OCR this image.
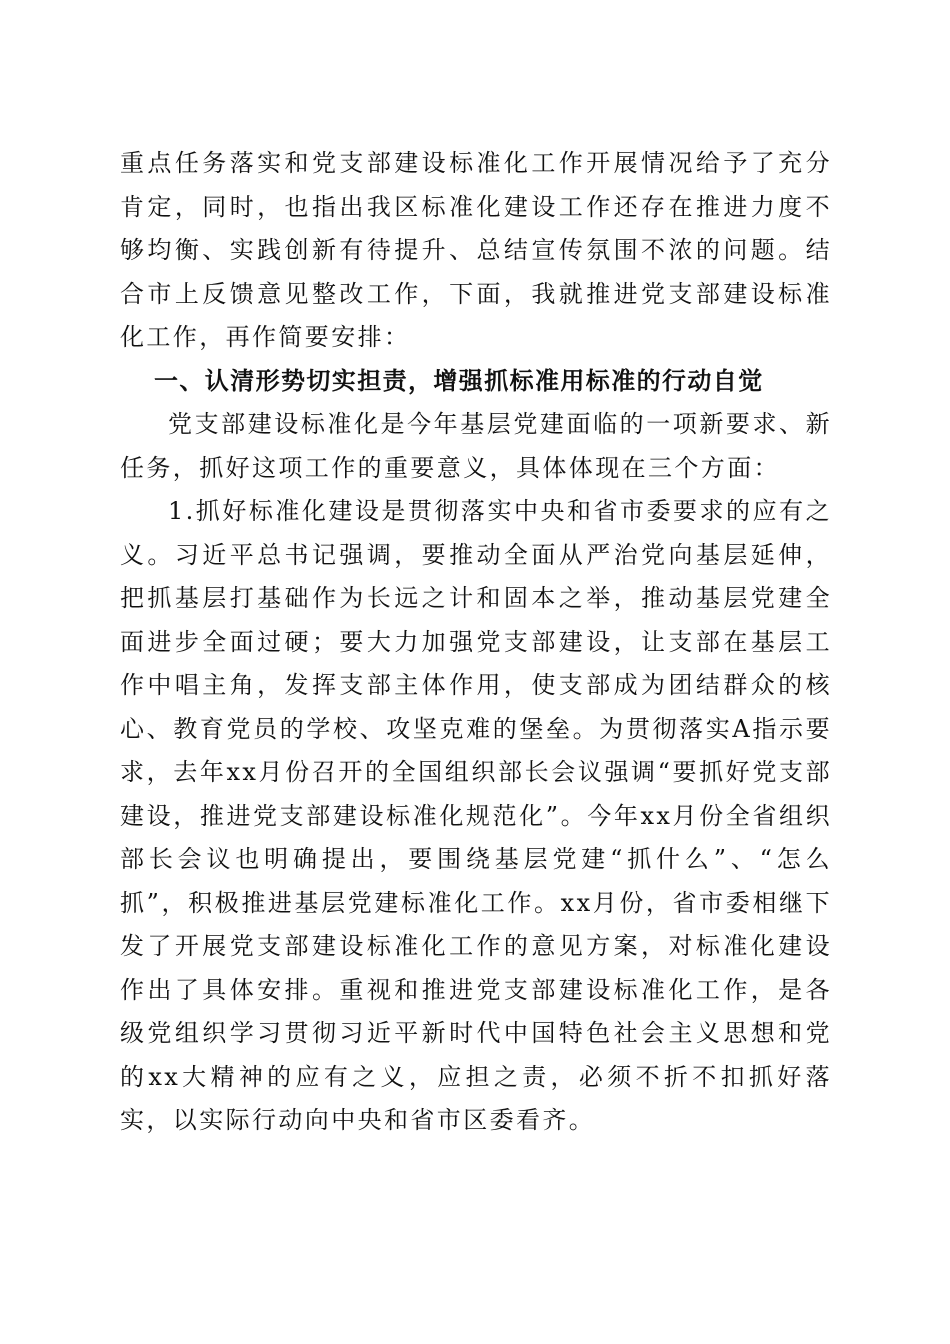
重点任务落实和党支部建设标准化工作开展情况给予了充分肯定，同时，也指出我区标准化建设工作还存在推进力度不够均衡、实践创新有待提升、总结宣传氛围不浓的问题。结合市上反馈意见整改工作，下面，我就推进党支部建设标准化工作，再作简要安排：

一、认清形势切实担责，增强抓标准用标准的行动自觉

党支部建设标准化是今年基层党建面临的一项新要求、新任务，抓好这项工作的重要意义，具体体现在三个方面：

1.抓好标准化建设是贯彻落实中央和省市委要求的应有之义。习近平总书记强调，要推动全面从严治党向基层延伸，把抓基层打基础作为长远之计和固本之举，推动基层党建全面进步全面过硬；要大力加强党支部建设，让支部在基层工作中唱主角，发挥支部主体作用，使支部成为团结群众的核心、教育党员的学校、攻坚克难的堡垒。为贯彻落实A指示要求，去年xx月份召开的全国组织部长会议强调“要抓好党支部建设，推进党支部建设标准化规范化”。今年xx月份全省组织部长会议也明确提出，要围绕基层党建“抓什么”、“怎么抓”，积极推进基层党建标准化工作。xx月份，省市委相继下发了开展党支部建设标准化工作的意见方案，对标准化建设作出了具体安排。重视和推进党支部建设标准化工作，是各级党组织学习贯彻习近平新时代中国特色社会主义思想和党的xx大精神的应有之义，应担之责，必须不折不扣抓好落实，以实际行动向中央和省市区委看齐。
